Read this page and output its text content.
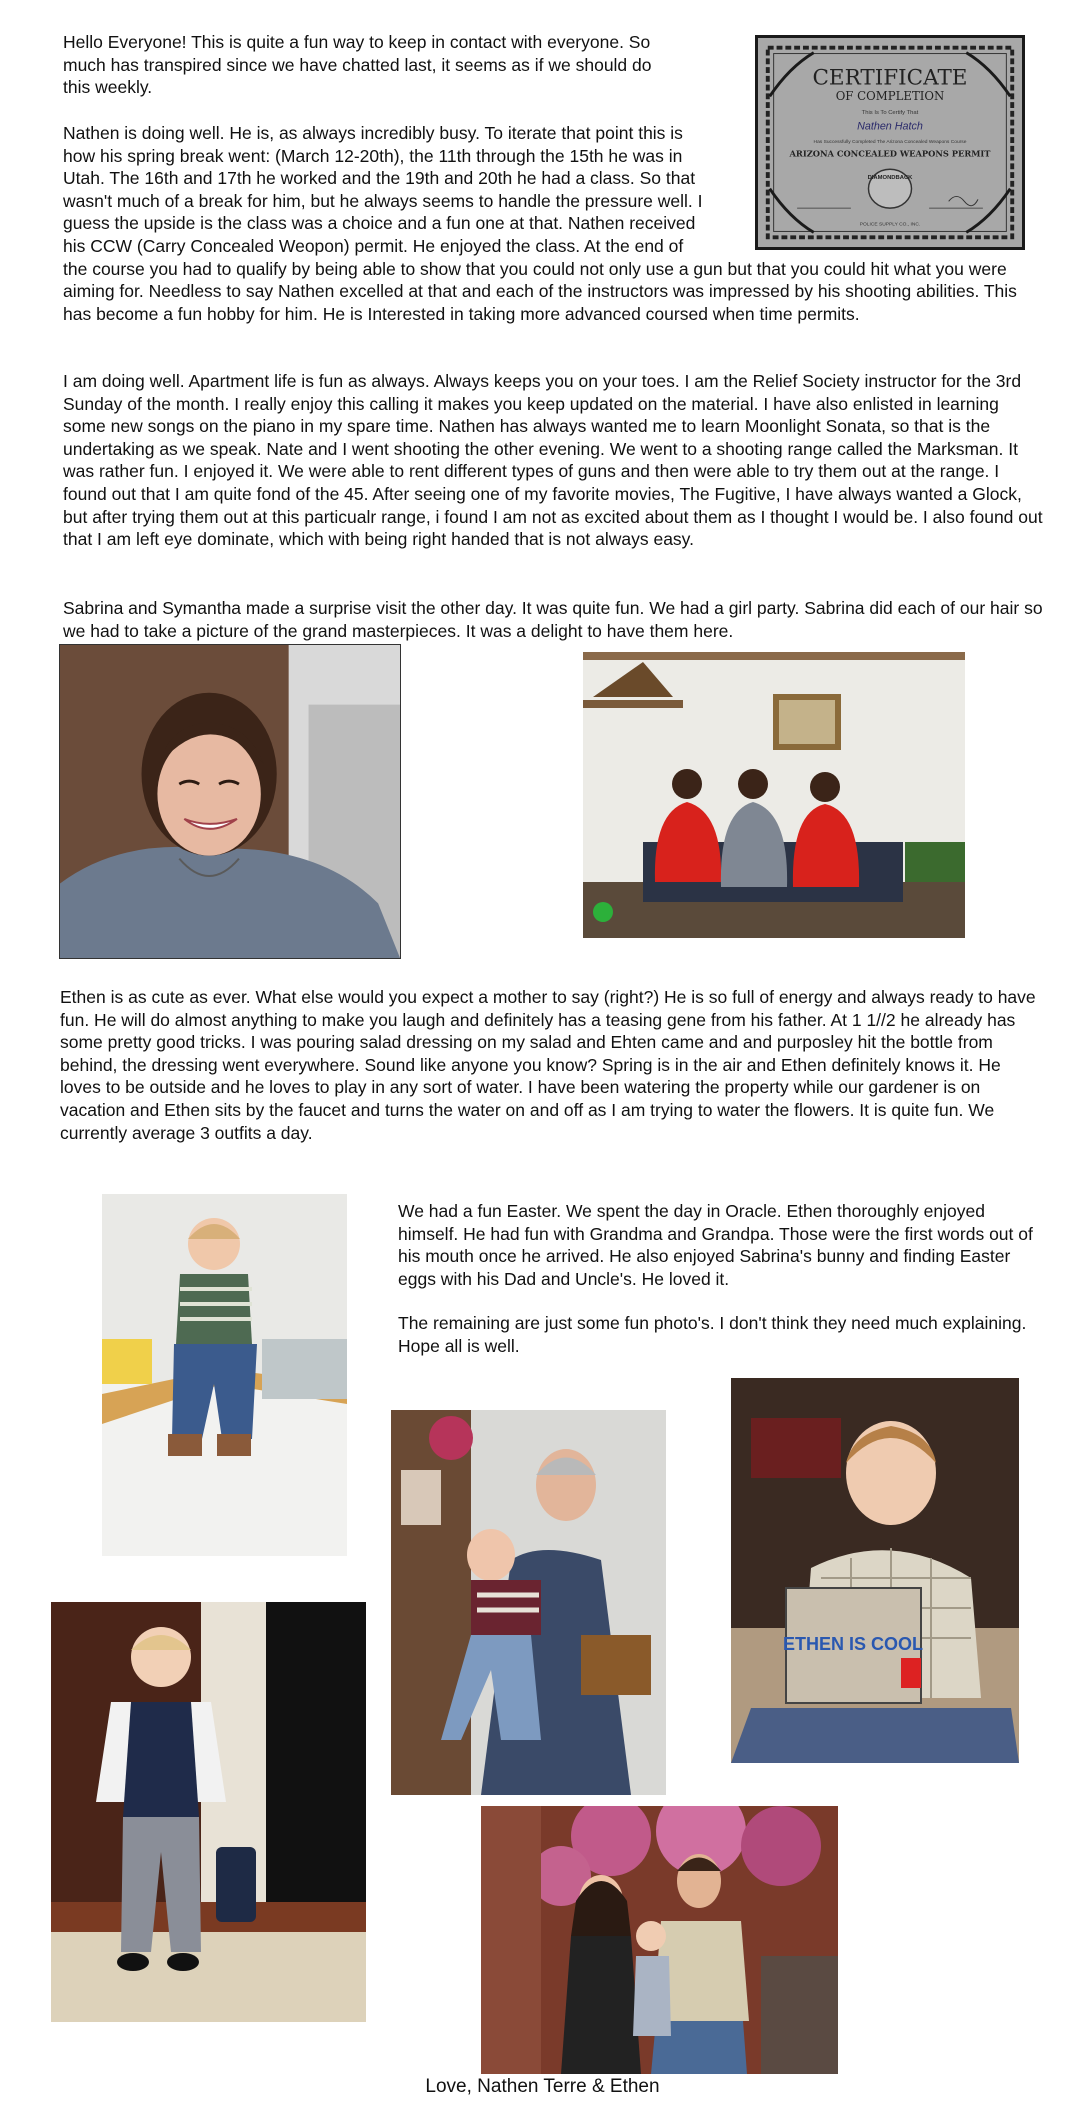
CERTIFICATE
OF COMPLETION
This Is To Certify That
Nathen Hatch
Has Successfully Completed The Arizona Concealed Weapons Course
ARIZONA CONCEALED WEAPONS PERMIT
DIAMONDBACK
POLICE SUPPLY CO., INC.
Hello Everyone! This is quite a fun way to keep in contact with everyone. So much has transpired since we have chatted last, it seems as if we should do this weekly.
Nathen is doing well. He is, as always incredibly busy. To iterate that point this is how his spring break went: (March 12-20th), the 11th through the 15th he was in Utah. The 16th and 17th he worked and the 19th and 20th he had a class. So that wasn't much of a break for him, but he always seems to handle the pressure well. I guess the upside is the class was a choice and a fun one at that. Nathen received his CCW (Carry Concealed Weopon) permit. He enjoyed the class. At the end of the course you had to qualify by being able to show that you could not only use a gun but that you could hit what you were aiming for. Needless to say Nathen excelled at that and each of the instructors was impressed by his shooting abilities. This has become a fun hobby for him. He is Interested in taking more advanced coursed when time permits.
I am doing well. Apartment life is fun as always. Always keeps you on your toes. I am the Relief Society instructor for the 3rd Sunday of the month. I really enjoy this calling it makes you keep updated on the material. I have also enlisted in learning some new songs on the piano in my spare time. Nathen has always wanted me to learn Moonlight Sonata, so that is the undertaking as we speak. Nate and I went shooting the other evening. We went to a shooting range called the Marksman. It was rather fun. I enjoyed it. We were able to rent different types of guns and then were able to try them out at the range. I found out that I am quite fond of the 45. After seeing one of my favorite movies, The Fugitive, I have always wanted a Glock, but after trying them out at this particualr range, i found I am not as excited about them as I thought I would be. I also found out that I am left eye dominate, which with being right handed that is not always easy.
Sabrina and Symantha made a surprise visit the other day. It was quite fun. We had a girl party. Sabrina did each of our hair so we had to take a picture of the grand masterpieces. It was a delight to have them here.
Ethen is as cute as ever. What else would you expect a mother to say (right?) He is so full of energy and always ready to have fun. He will do almost anything to make you laugh and definitely has a teasing gene from his father. At 1 1//2 he already has some pretty good tricks. I was pouring salad dressing on my salad and Ehten came and and purposley hit the bottle from behind, the dressing went everywhere. Sound like anyone you know? Spring is in the air and Ethen definitely knows it. He loves to be outside and he loves to play in any sort of water. I have been watering the property while our gardener is on vacation and Ethen sits by the faucet and turns the water on and off as I am trying to water the flowers. It is quite fun. We currently average 3 outfits a day.

We had a fun Easter. We spent the day in Oracle. Ethen thoroughly enjoyed himself. He had fun with Grandma and Grandpa. Those were the first words out of his mouth once he arrived. He also enjoyed Sabrina's bunny and finding Easter eggs with his Dad and Uncle's. He loved it.

The remaining are just some fun photo's. I don't think they need much explaining. Hope all is well.

ETHEN IS COOL
Love, Nathen Terre & Ethen
